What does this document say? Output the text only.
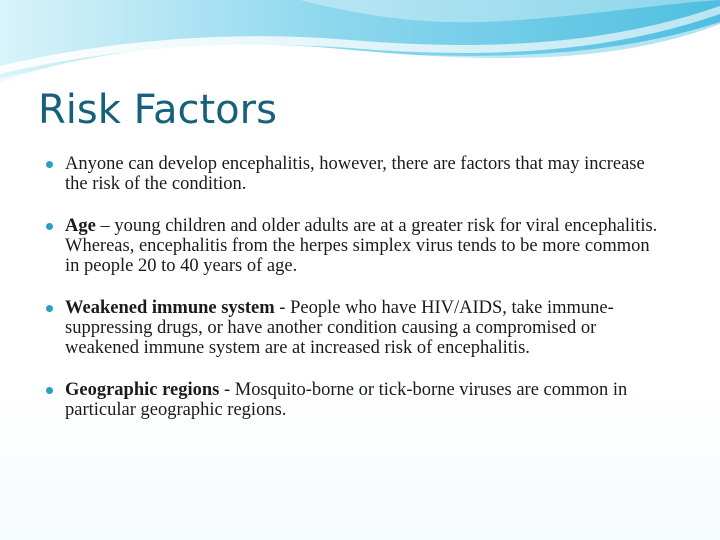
Risk Factors
Anyone can develop encephalitis, however, there are factors that may increase the risk of the condition.
Age – young children and older adults are at a greater risk for viral encephalitis. Whereas, encephalitis from the herpes simplex virus tends to be more common in people 20 to 40 years of age.
Weakened immune system - People who have HIV/AIDS, take immune-suppressing drugs, or have another condition causing a compromised or weakened immune system are at increased risk of encephalitis.
Geographic regions - Mosquito-borne or tick-borne viruses are common in particular geographic regions.
